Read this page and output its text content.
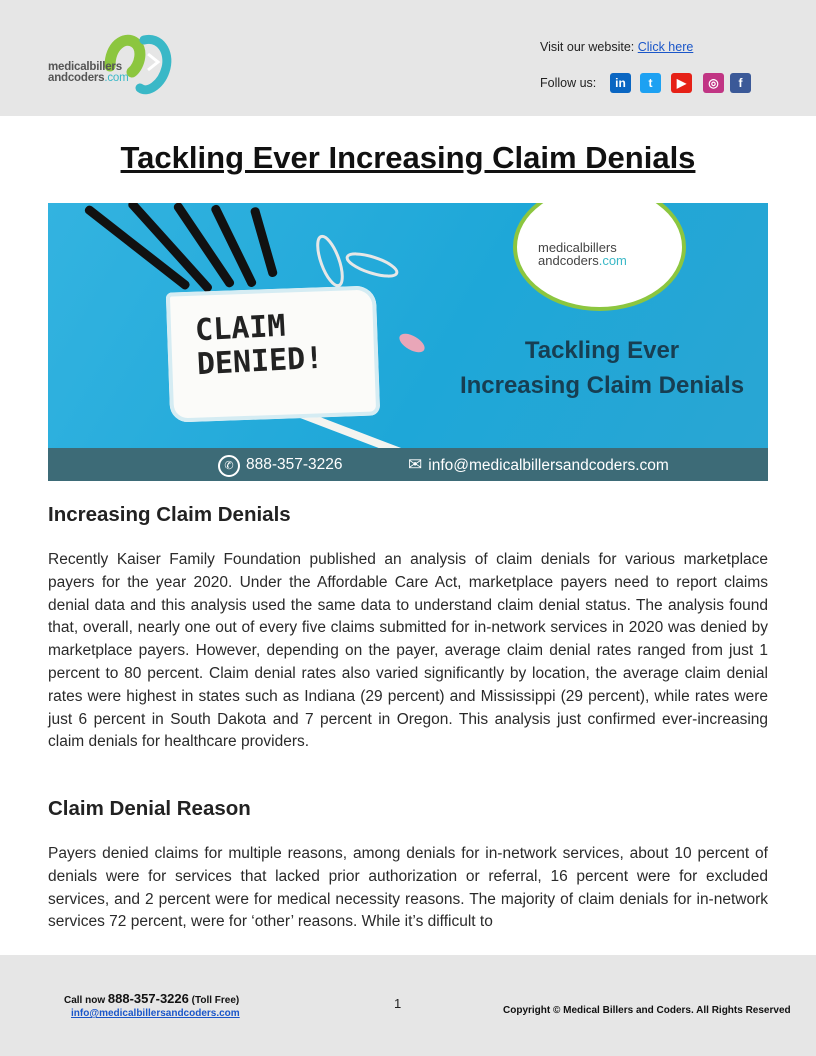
medicalbillers
andcoders.com
Visit our website: Click here
Follow us:	in	t	▶	◎	f
Tackling Ever Increasing Claim Denials
CLAIM
DENIED!
medicalbillers
andcoders.com
Tackling Ever
Increasing Claim Denials
✆ 888-357-3226	✉ info@medicalbillersandcoders.com
Increasing Claim Denials
Recently Kaiser Family Foundation published an analysis of claim denials for various marketplace payers for the year 2020. Under the Affordable Care Act, marketplace payers need to report claims denial data and this analysis used the same data to understand claim denial status. The analysis found that, overall, nearly one out of every five claims submitted for in-network services in 2020 was denied by marketplace payers. However, depending on the payer, average claim denial rates ranged from just 1 percent to 80 percent. Claim denial rates also varied significantly by location, the average claim denial rates were highest in states such as Indiana (29 percent) and Mississippi (29 percent), while rates were just 6 percent in South Dakota and 7 percent in Oregon. This analysis just confirmed ever-increasing claim denials for healthcare providers.
Claim Denial Reason
Payers denied claims for multiple reasons, among denials for in-network services, about 10 percent of denials were for services that lacked prior authorization or referral, 16 percent were for excluded services, and 2 percent were for medical necessity reasons. The majority of claim denials for in-network services 72 percent, were for ‘other’ reasons. While it’s difficult to
Call now 888-357-3226 (Toll Free)
info@medicalbillersandcoders.com
1	Copyright © Medical Billers and Coders. All Rights Reserved
